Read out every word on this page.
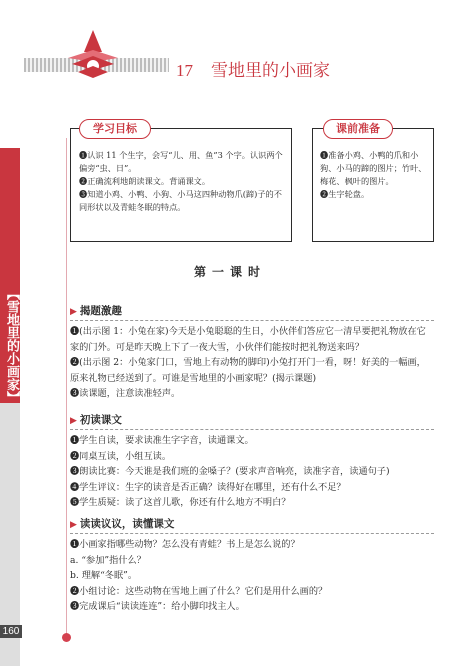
【雪地里的小画家】
160
17 雪地里的小画家
学习目标

❶认识 11 个生字，会写“儿、用、鱼”3 个字。认识两个偏旁“虫、日”。

❷正确流利地朗读课文。背诵课文。

❸知道小鸡、小鸭、小狗、小马这四种动物爪(蹄)子的不同形状以及青蛙冬眠的特点。

课前准备

❶准备小鸡、小鸭的爪和小狗、小马的蹄的图片；竹叶、梅花、枫叶的图片。

❷生字轮盘。

第一课时
▶ 揭题激趣

❶(出示图 1：小兔在家)今天是小兔聪聪的生日，小伙伴们答应它一清早要把礼物放在它家的门外。可是昨天晚上下了一夜大雪，小伙伴们能按时把礼物送来吗？

❷(出示图 2：小兔家门口，雪地上有动物的脚印)小兔打开门一看，呀！好美的一幅画，原来礼物已经送到了。可谁是雪地里的小画家呢？(揭示课题)

❸读课题，注意读准轻声。

▶ 初读课文

❶学生自读，要求读准生字字音，读通课文。

❷同桌互读，小组互读。

❸朗读比赛：今天谁是我们班的金嗓子？(要求声音响亮，读准字音，读通句子)

❹学生评议：生字的读音是否正确？读得好在哪里，还有什么不足？

❺学生质疑：读了这首儿歌，你还有什么地方不明白？

▶ 读读议议，读懂课文

❶小画家指哪些动物？怎么没有青蛙？书上是怎么说的？

a. “参加”指什么？

b. 理解“冬眠”。

❷小组讨论：这些动物在雪地上画了什么？它们是用什么画的？

❸完成课后“读读连连”：给小脚印找主人。
